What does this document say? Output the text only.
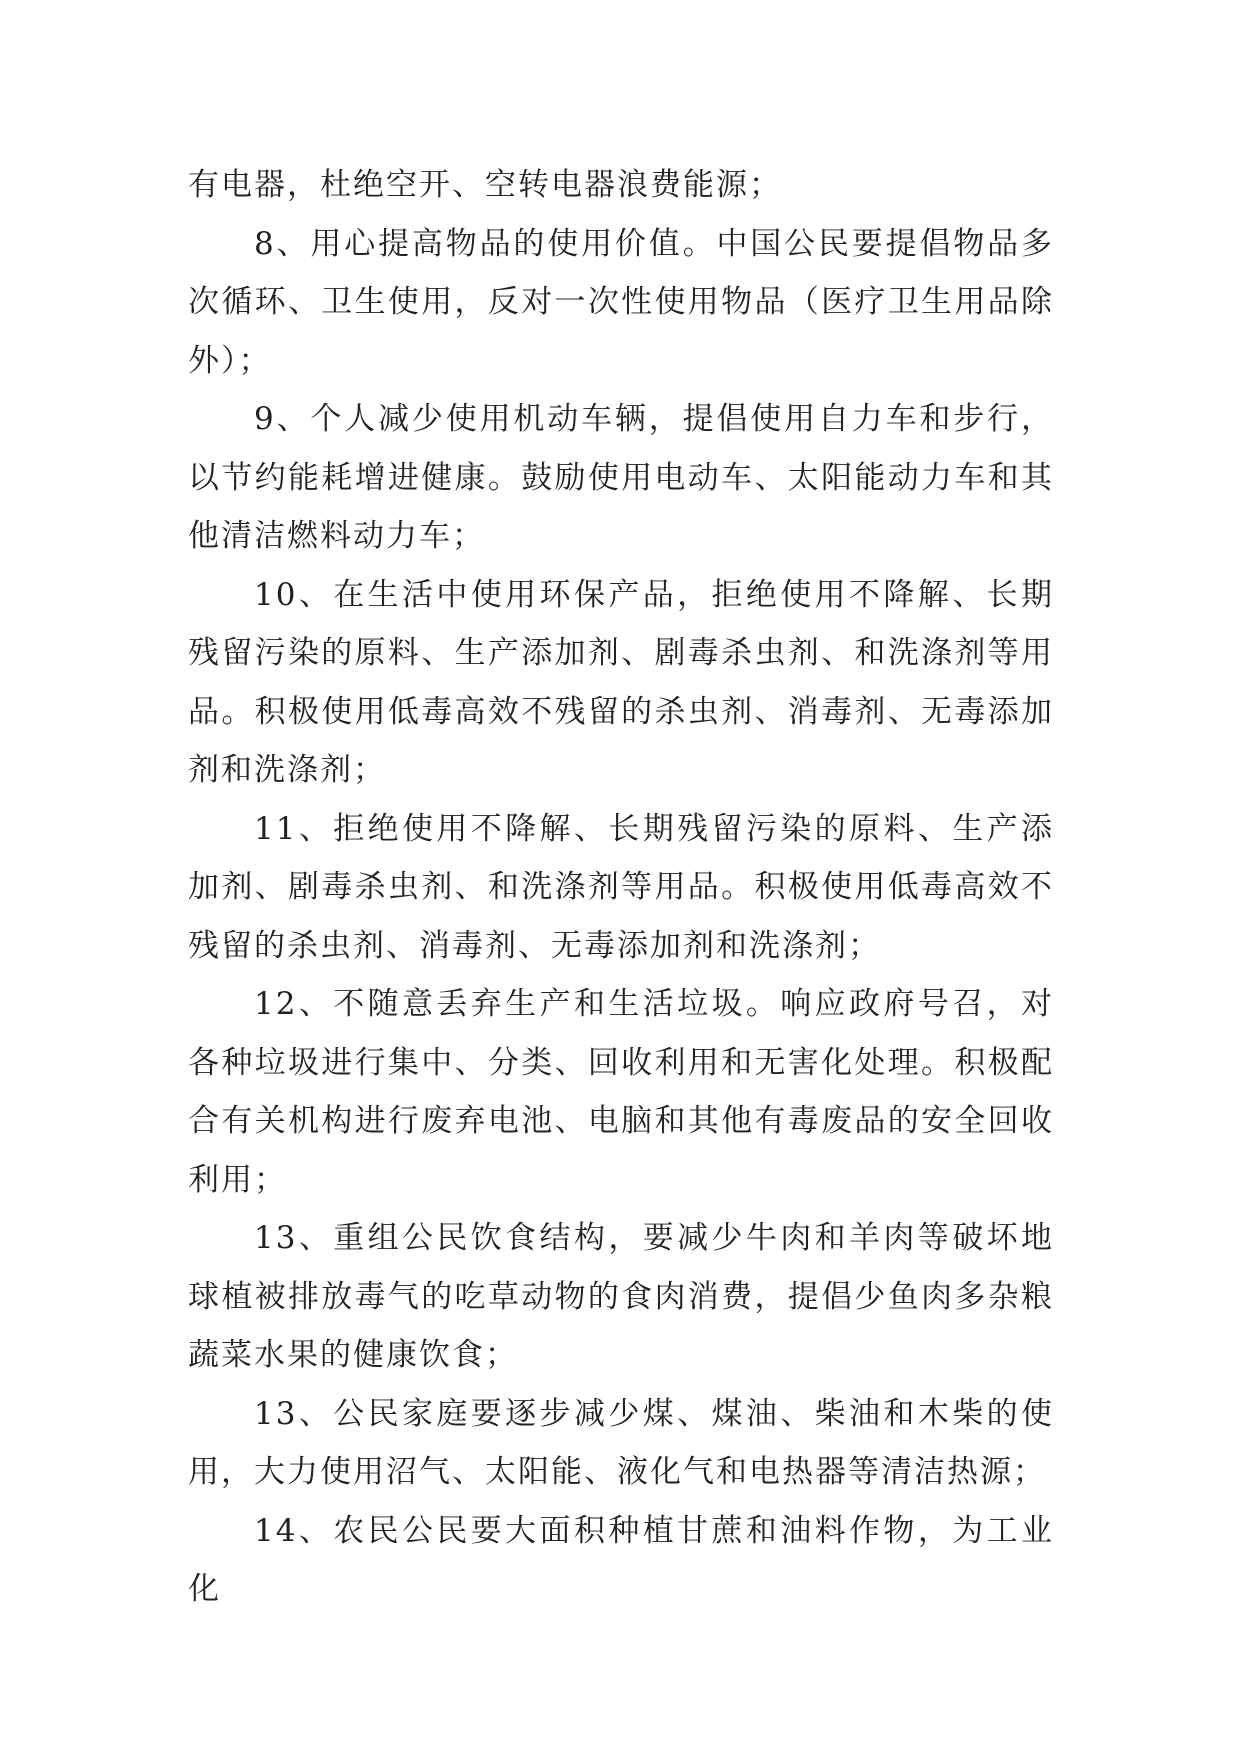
有电器，杜绝空开、空转电器浪费能源；

8、用心提高物品的使用价值。中国公民要提倡物品多次循环、卫生使用，反对一次性使用物品（医疗卫生用品除外）；

9、个人减少使用机动车辆，提倡使用自力车和步行，以节约能耗增进健康。鼓励使用电动车、太阳能动力车和其他清洁燃料动力车；

10、在生活中使用环保产品，拒绝使用不降解、长期残留污染的原料、生产添加剂、剧毒杀虫剂、和洗涤剂等用品。积极使用低毒高效不残留的杀虫剂、消毒剂、无毒添加剂和洗涤剂；

11、拒绝使用不降解、长期残留污染的原料、生产添加剂、剧毒杀虫剂、和洗涤剂等用品。积极使用低毒高效不残留的杀虫剂、消毒剂、无毒添加剂和洗涤剂；

12、不随意丢弃生产和生活垃圾。响应政府号召，对各种垃圾进行集中、分类、回收利用和无害化处理。积极配合有关机构进行废弃电池、电脑和其他有毒废品的安全回收利用；

13、重组公民饮食结构，要减少牛肉和羊肉等破坏地球植被排放毒气的吃草动物的食肉消费，提倡少鱼肉多杂粮蔬菜水果的健康饮食；

13、公民家庭要逐步减少煤、煤油、柴油和木柴的使用，大力使用沼气、太阳能、液化气和电热器等清洁热源；

14、农民公民要大面积种植甘蔗和油料作物，为工业化
